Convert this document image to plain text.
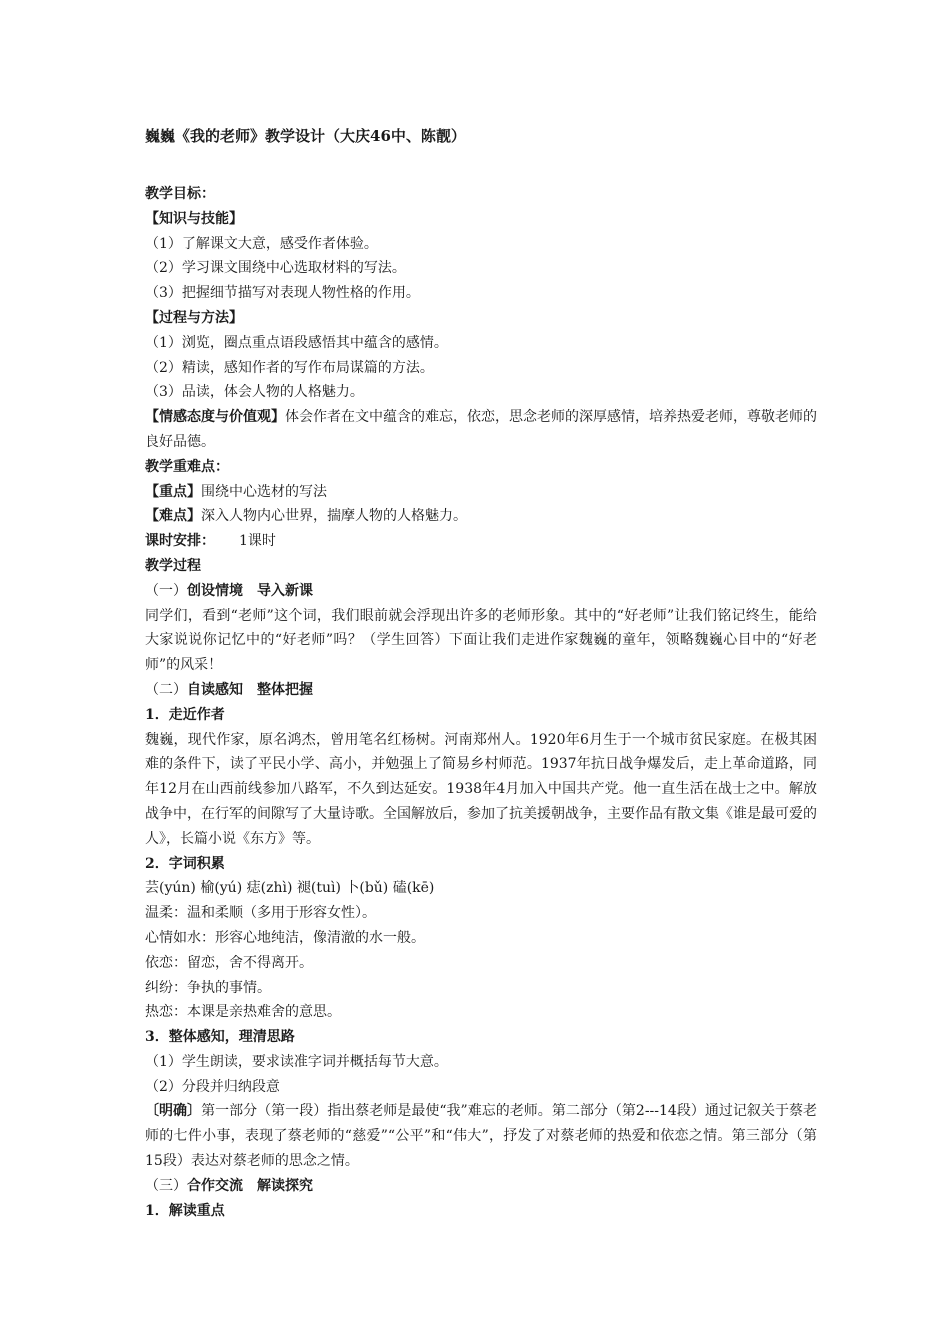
巍巍《我的老师》教学设计（大庆46中、陈靓）

教学目标：

【知识与技能】

（1）了解课文大意，感受作者体验。

（2）学习课文围绕中心选取材料的写法。

（3）把握细节描写对表现人物性格的作用。

【过程与方法】

（1）浏览，圈点重点语段感悟其中蕴含的感情。

（2）精读，感知作者的写作布局谋篇的方法。

（3）品读，体会人物的人格魅力。

【情感态度与价值观】体会作者在文中蕴含的难忘，依恋，思念老师的深厚感情，培养热爱老师，尊敬老师的良好品德。

教学重难点：

【重点】围绕中心选材的写法

【难点】深入人物内心世界，揣摩人物的人格魅力。

课时安排： 1课时

教学过程

（一）创设情境　导入新课

同学们，看到“老师”这个词，我们眼前就会浮现出许多的老师形象。其中的“好老师”让我们铭记终生，能给大家说说你记忆中的“好老师”吗？（学生回答）下面让我们走进作家魏巍的童年，领略魏巍心目中的“好老师”的风采！

（二）自读感知　整体把握

1．走近作者

魏巍，现代作家，原名鸿杰，曾用笔名红杨树。河南郑州人。1920年6月生于一个城市贫民家庭。在极其困难的条件下，读了平民小学、高小，并勉强上了简易乡村师范。1937年抗日战争爆发后，走上革命道路，同年12月在山西前线参加八路军，不久到达延安。1938年4月加入中国共产党。他一直生活在战士之中。解放战争中，在行军的间隙写了大量诗歌。全国解放后，参加了抗美援朝战争，主要作品有散文集《谁是最可爱的人》，长篇小说《东方》等。

2．字词积累

芸(yún) 榆(yú) 痣(zhì) 褪(tuì) 卜(bǔ) 磕(kē)

温柔：温和柔顺（多用于形容女性）。

心情如水：形容心地纯洁，像清澈的水一般。

依恋：留恋，舍不得离开。

纠纷：争执的事情。

热恋：本课是亲热难舍的意思。

3．整体感知，理清思路

（1）学生朗读，要求读准字词并概括每节大意。

（2）分段并归纳段意

〔明确〕第一部分（第一段）指出蔡老师是最使“我”难忘的老师。第二部分（第2---14段）通过记叙关于蔡老师的七件小事，表现了蔡老师的“慈爱”“公平”和“伟大”，抒发了对蔡老师的热爱和依恋之情。第三部分（第15段）表达对蔡老师的思念之情。

（三）合作交流　解读探究

1．解读重点
